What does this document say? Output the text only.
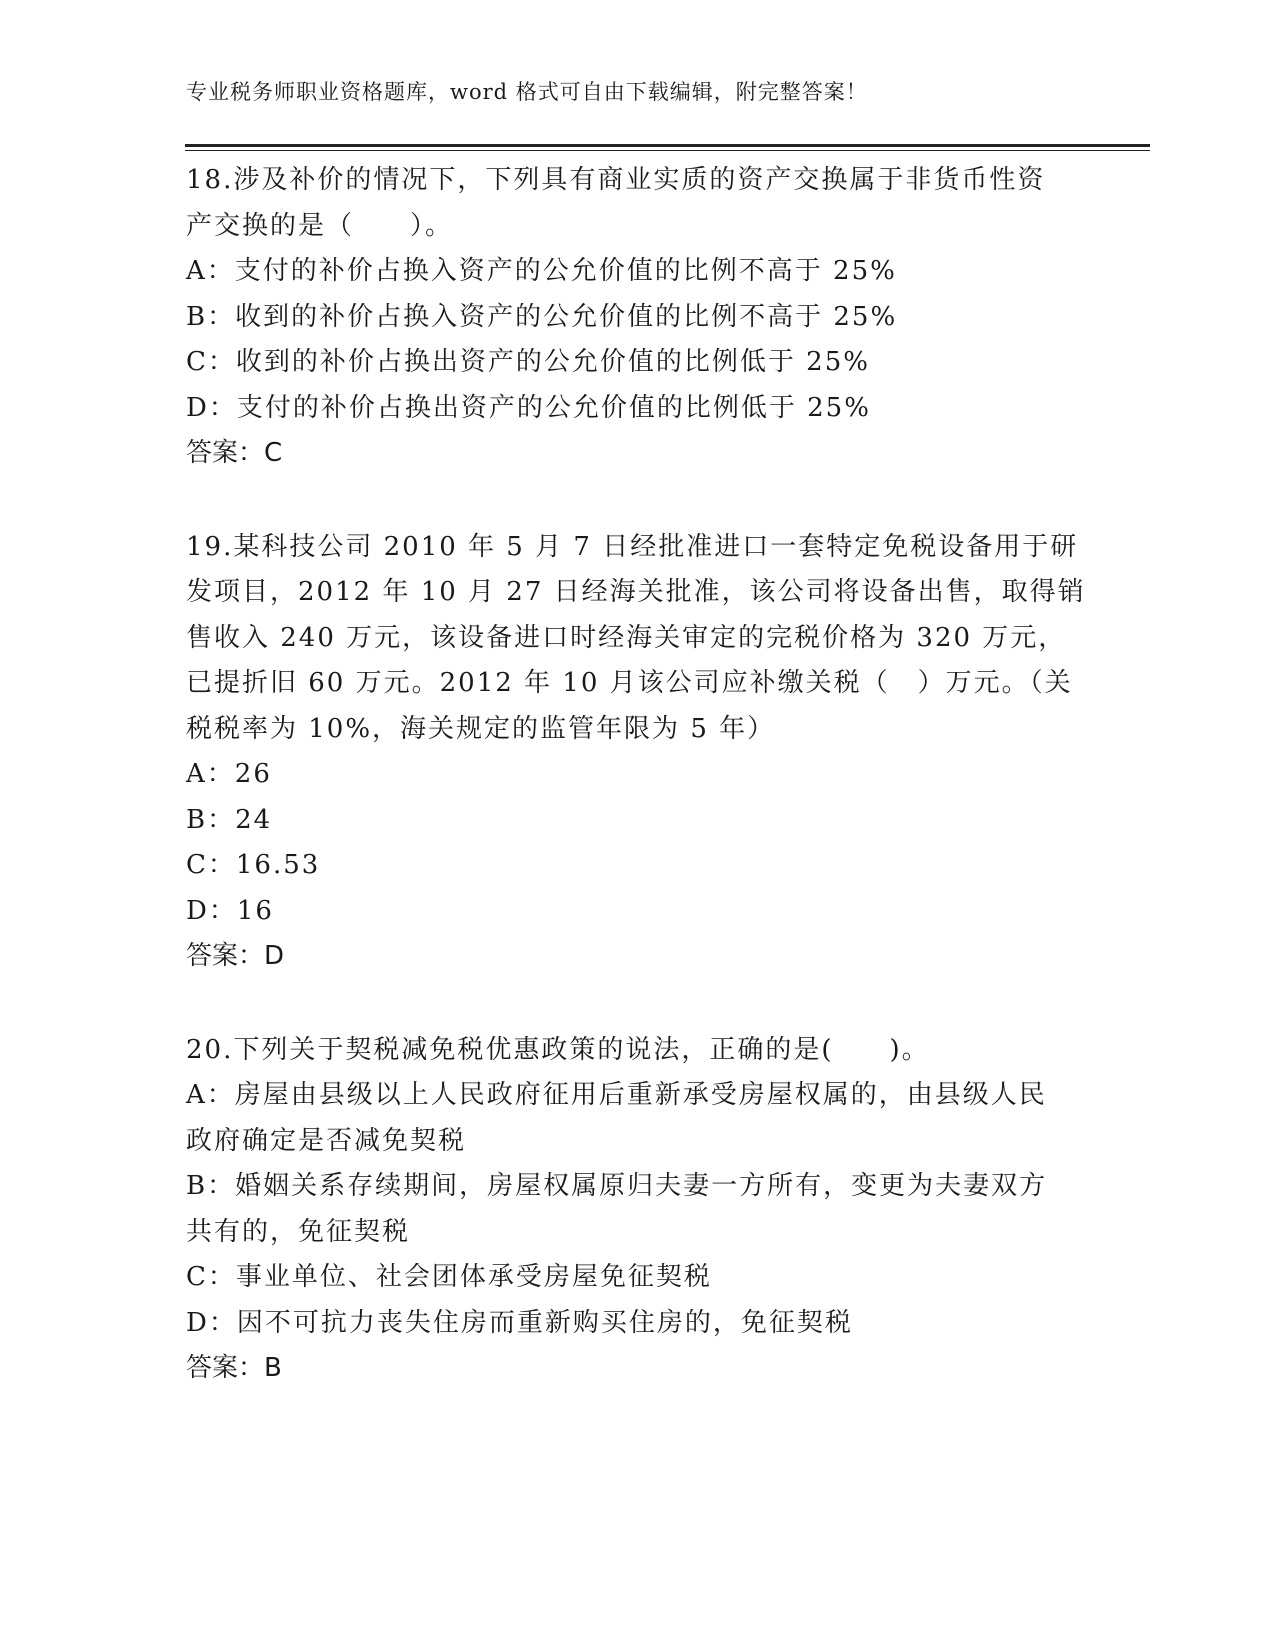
专业税务师职业资格题库，word 格式可自由下载编辑，附完整答案！
18.涉及补价的情况下，下列具有商业实质的资产交换属于非货币性资
产交换的是（　　）。
A：支付的补价占换入资产的公允价值的比例不高于 25%
B：收到的补价占换入资产的公允价值的比例不高于 25%
C：收到的补价占换出资产的公允价值的比例低于 25%
D：支付的补价占换出资产的公允价值的比例低于 25%
答案：C
19.某科技公司 2010 年 5 月 7 日经批准进口一套特定免税设备用于研
发项目，2012 年 10 月 27 日经海关批准，该公司将设备出售，取得销
售收入 240 万元，该设备进口时经海关审定的完税价格为 320 万元，
已提折旧 60 万元。2012 年 10 月该公司应补缴关税（　）万元。（关
税税率为 10%，海关规定的监管年限为 5 年）
A：26
B：24
C：16.53
D：16
答案：D
20.下列关于契税减免税优惠政策的说法，正确的是(　　)。
A：房屋由县级以上人民政府征用后重新承受房屋权属的，由县级人民
政府确定是否减免契税
B：婚姻关系存续期间，房屋权属原归夫妻一方所有，变更为夫妻双方
共有的，免征契税
C：事业单位、社会团体承受房屋免征契税
D：因不可抗力丧失住房而重新购买住房的，免征契税
答案：B
